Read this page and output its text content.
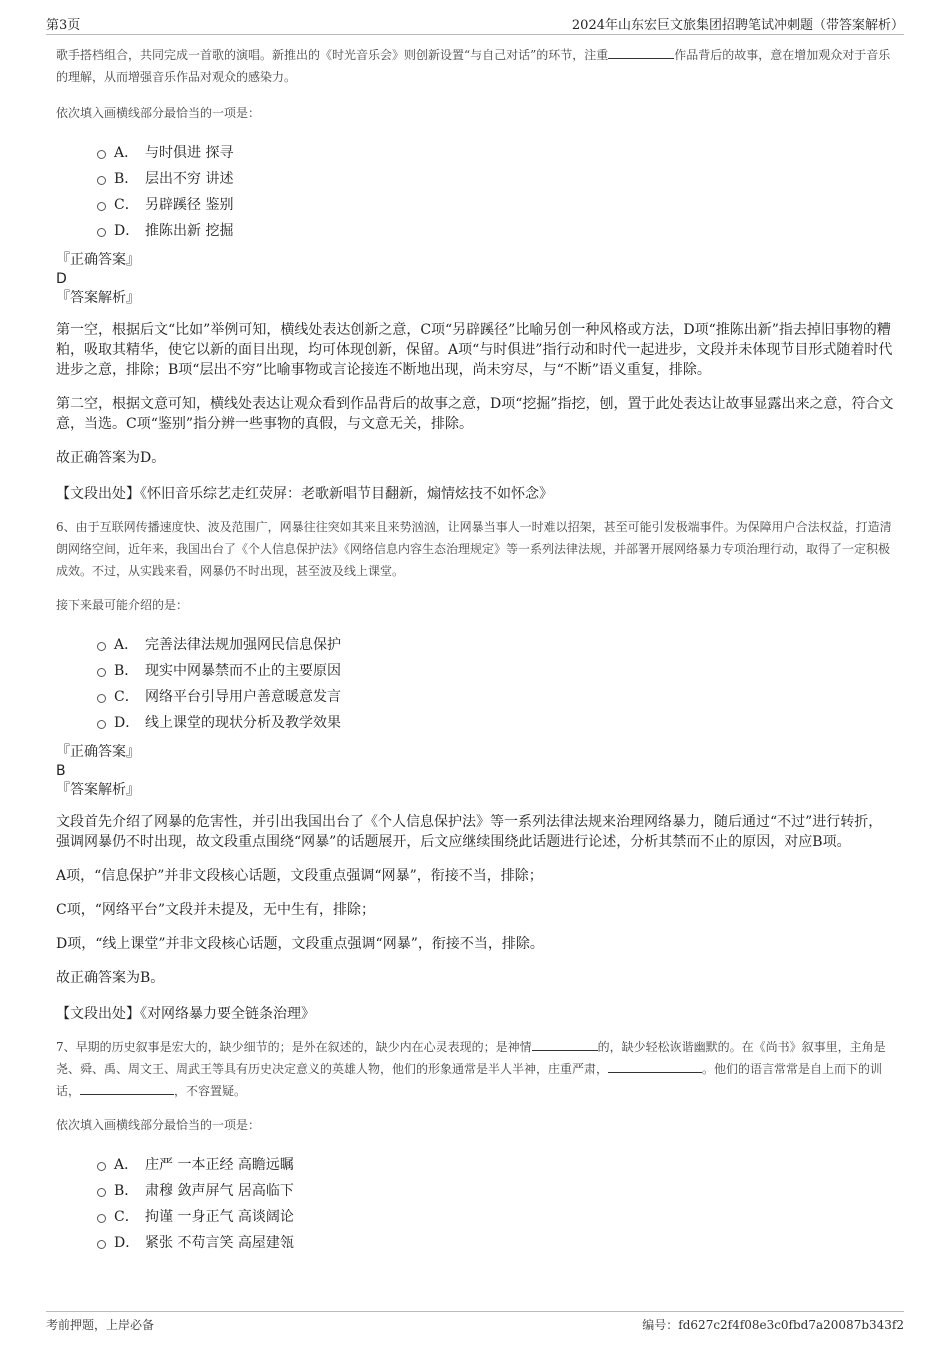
第3页	2024年山东宏巨文旅集团招聘笔试冲刺题（带答案解析）

歌手搭档组合，共同完成一首歌的演唱。新推出的《时光音乐会》则创新设置“与自己对话”的环节，注重	作品背后的故事，意在增加观众对于音乐的理解，从而增强音乐作品对观众的感染力。

依次填入画横线部分最恰当的一项是：

A． 与时俱进 探寻
B． 层出不穷 讲述
C． 另辟蹊径 鉴别
D． 推陈出新 挖掘

『正确答案』

D

『答案解析』

第一空，根据后文“比如”举例可知，横线处表达创新之意，C项“另辟蹊径”比喻另创一种风格或方法，D项“推陈出新”指去掉旧事物的糟粕，吸取其精华，使它以新的面目出现，均可体现创新，保留。A项“与时俱进”指行动和时代一起进步，文段并未体现节目形式随着时代进步之意，排除；B项“层出不穷”比喻事物或言论接连不断地出现，尚未穷尽，与“不断”语义重复，排除。

第二空，根据文意可知，横线处表达让观众看到作品背后的故事之意，D项“挖掘”指挖，刨，置于此处表达让故事显露出来之意，符合文意，当选。C项“鉴别”指分辨一些事物的真假，与文意无关，排除。

故正确答案为D。

【文段出处】《怀旧音乐综艺走红荧屏：老歌新唱节目翻新，煽情炫技不如怀念》

6、由于互联网传播速度快、波及范围广，网暴往往突如其来且来势汹汹，让网暴当事人一时难以招架，甚至可能引发极端事件。为保障用户合法权益，打造清朗网络空间，近年来，我国出台了《个人信息保护法》《网络信息内容生态治理规定》等一系列法律法规，并部署开展网络暴力专项治理行动，取得了一定积极成效。不过，从实践来看，网暴仍不时出现，甚至波及线上课堂。

接下来最可能介绍的是：

A． 完善法律法规加强网民信息保护
B． 现实中网暴禁而不止的主要原因
C． 网络平台引导用户善意暖意发言
D． 线上课堂的现状分析及教学效果

『正确答案』

B

『答案解析』

文段首先介绍了网暴的危害性，并引出我国出台了《个人信息保护法》等一系列法律法规来治理网络暴力，随后通过“不过”进行转折，强调网暴仍不时出现，故文段重点围绕“网暴”的话题展开，后文应继续围绕此话题进行论述，分析其禁而不止的原因，对应B项。

A项，“信息保护”并非文段核心话题，文段重点强调“网暴”，衔接不当，排除；

C项，“网络平台”文段并未提及，无中生有，排除；

D项，“线上课堂”并非文段核心话题，文段重点强调“网暴”，衔接不当，排除。

故正确答案为B。

【文段出处】《对网络暴力要全链条治理》

7、早期的历史叙事是宏大的，缺少细节的；是外在叙述的，缺少内在心灵表现的；是神情	的，缺少轻松诙谐幽默的。在《尚书》叙事里，主角是尧、舜、禹、周文王、周武王等具有历史决定意义的英雄人物，他们的形象通常是半人半神，庄重严肃，	。他们的语言常常是自上而下的训话，	，不容置疑。

依次填入画横线部分最恰当的一项是：

A． 庄严 一本正经 高瞻远瞩
B． 肃穆 敛声屏气 居高临下
C． 拘谨 一身正气 高谈阔论
D． 紧张 不苟言笑 高屋建瓴
考前押题，上岸必备	编号：fd627c2f4f08e3c0fbd7a20087b343f2
